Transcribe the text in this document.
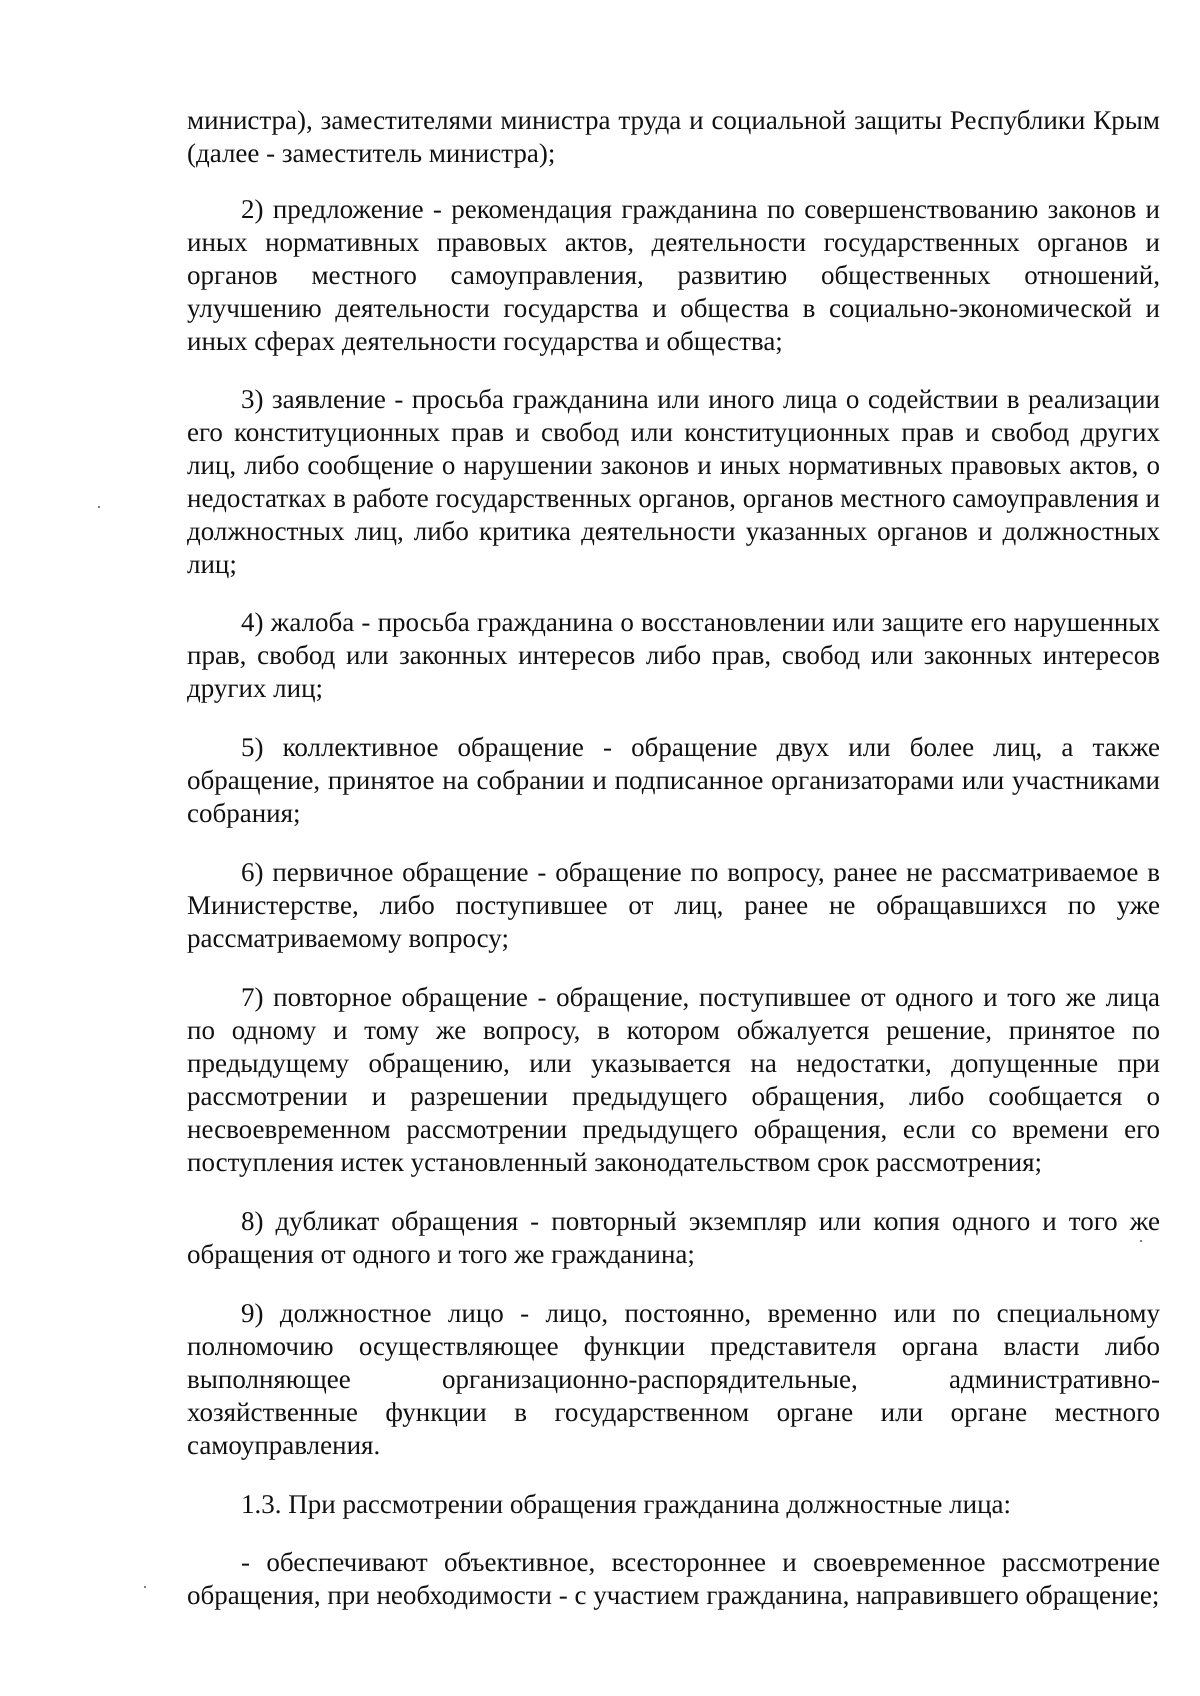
министра), заместителями министра труда и социальной защиты Республики Крым (далее - заместитель министра);

2) предложение - рекомендация гражданина по совершенствованию законов и иных нормативных правовых актов, деятельности государственных органов и органов местного самоуправления, развитию общественных отношений, улучшению деятельности государства и общества в социально-экономической и иных сферах деятельности государства и общества;

3) заявление - просьба гражданина или иного лица о содействии в реализации его конституционных прав и свобод или конституционных прав и свобод других лиц, либо сообщение о нарушении законов и иных нормативных правовых актов, о недостатках в работе государственных органов, органов местного самоуправления и должностных лиц, либо критика деятельности указанных органов и должностных лиц;

4) жалоба - просьба гражданина о восстановлении или защите его нарушенных прав, свобод или законных интересов либо прав, свобод или законных интересов других лиц;

5) коллективное обращение - обращение двух или более лиц, а также обращение, принятое на собрании и подписанное организаторами или участниками собрания;

6) первичное обращение - обращение по вопросу, ранее не рассматриваемое в Министерстве, либо поступившее от лиц, ранее не обращавшихся по уже рассматриваемому вопросу;

7) повторное обращение - обращение, поступившее от одного и того же лица по одному и тому же вопросу, в котором обжалуется решение, принятое по предыдущему обращению, или указывается на недостатки, допущенные при рассмотрении и разрешении предыдущего обращения, либо сообщается о несвоевременном рассмотрении предыдущего обращения, если со времени его поступления истек установленный законодательством срок рассмотрения;

8) дубликат обращения - повторный экземпляр или копия одного и того же обращения от одного и того же гражданина;

9) должностное лицо - лицо, постоянно, временно или по специальному полномочию осуществляющее функции представителя органа власти либо выполняющее организационно-распорядительные, административно-хозяйственные функции в государственном органе или органе местного самоуправления.

1.3. При рассмотрении обращения гражданина должностные лица:

- обеспечивают объективное, всестороннее и своевременное рассмотрение обращения, при необходимости - с участием гражданина, направившего обращение;
